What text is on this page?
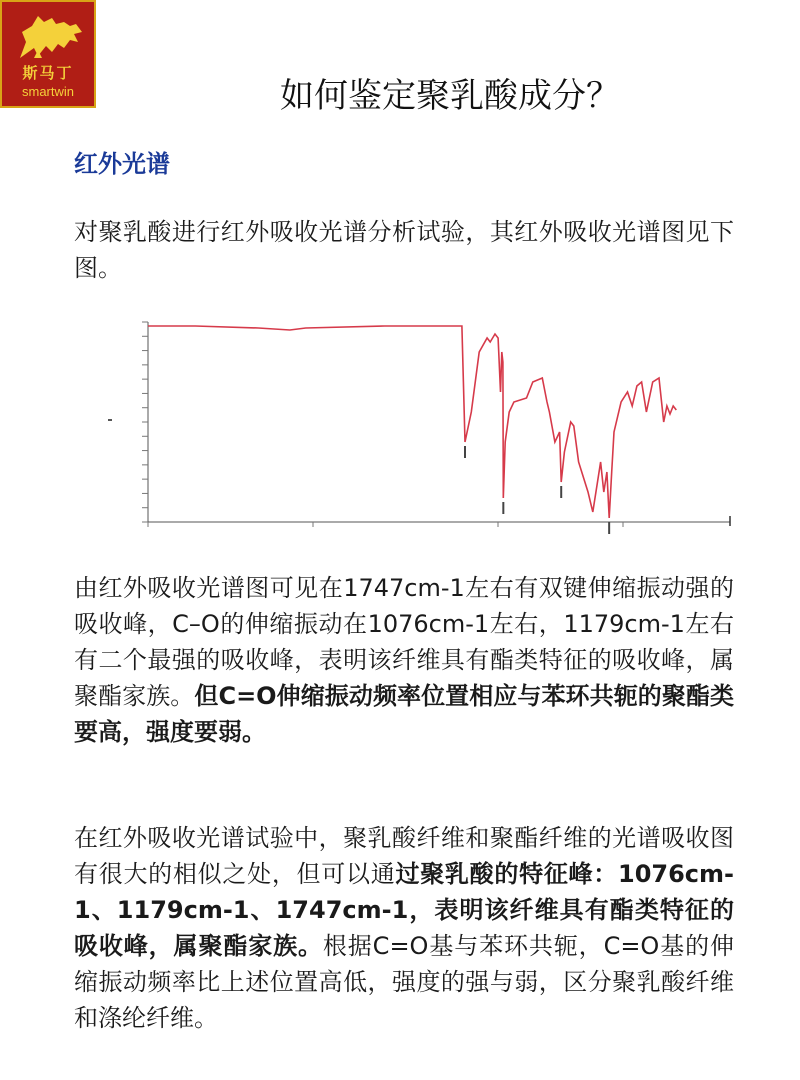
斯马丁
smartwin	如何鉴定聚乳酸成分？
红外光谱

对聚乳酸进行红外吸收光谱分析试验，其红外吸收光谱图见下图。

由红外吸收光谱图可见在1747cm-1左右有双键伸缩振动强的吸收峰，C–O的伸缩振动在1076cm-1左右，1179cm-1左右有二个最强的吸收峰，表明该纤维具有酯类特征的吸收峰，属聚酯家族。但C=O伸缩振动频率位置相应与苯环共轭的聚酯类要高，强度要弱。

在红外吸收光谱试验中，聚乳酸纤维和聚酯纤维的光谱吸收图有很大的相似之处，但可以通过聚乳酸的特征峰：1076cm-1、1179cm-1、1747cm-1，表明该纤维具有酯类特征的吸收峰，属聚酯家族。根据C=O基与苯环共轭，C=O基的伸缩振动频率比上述位置高低，强度的强与弱，区分聚乳酸纤维和涤纶纤维。
